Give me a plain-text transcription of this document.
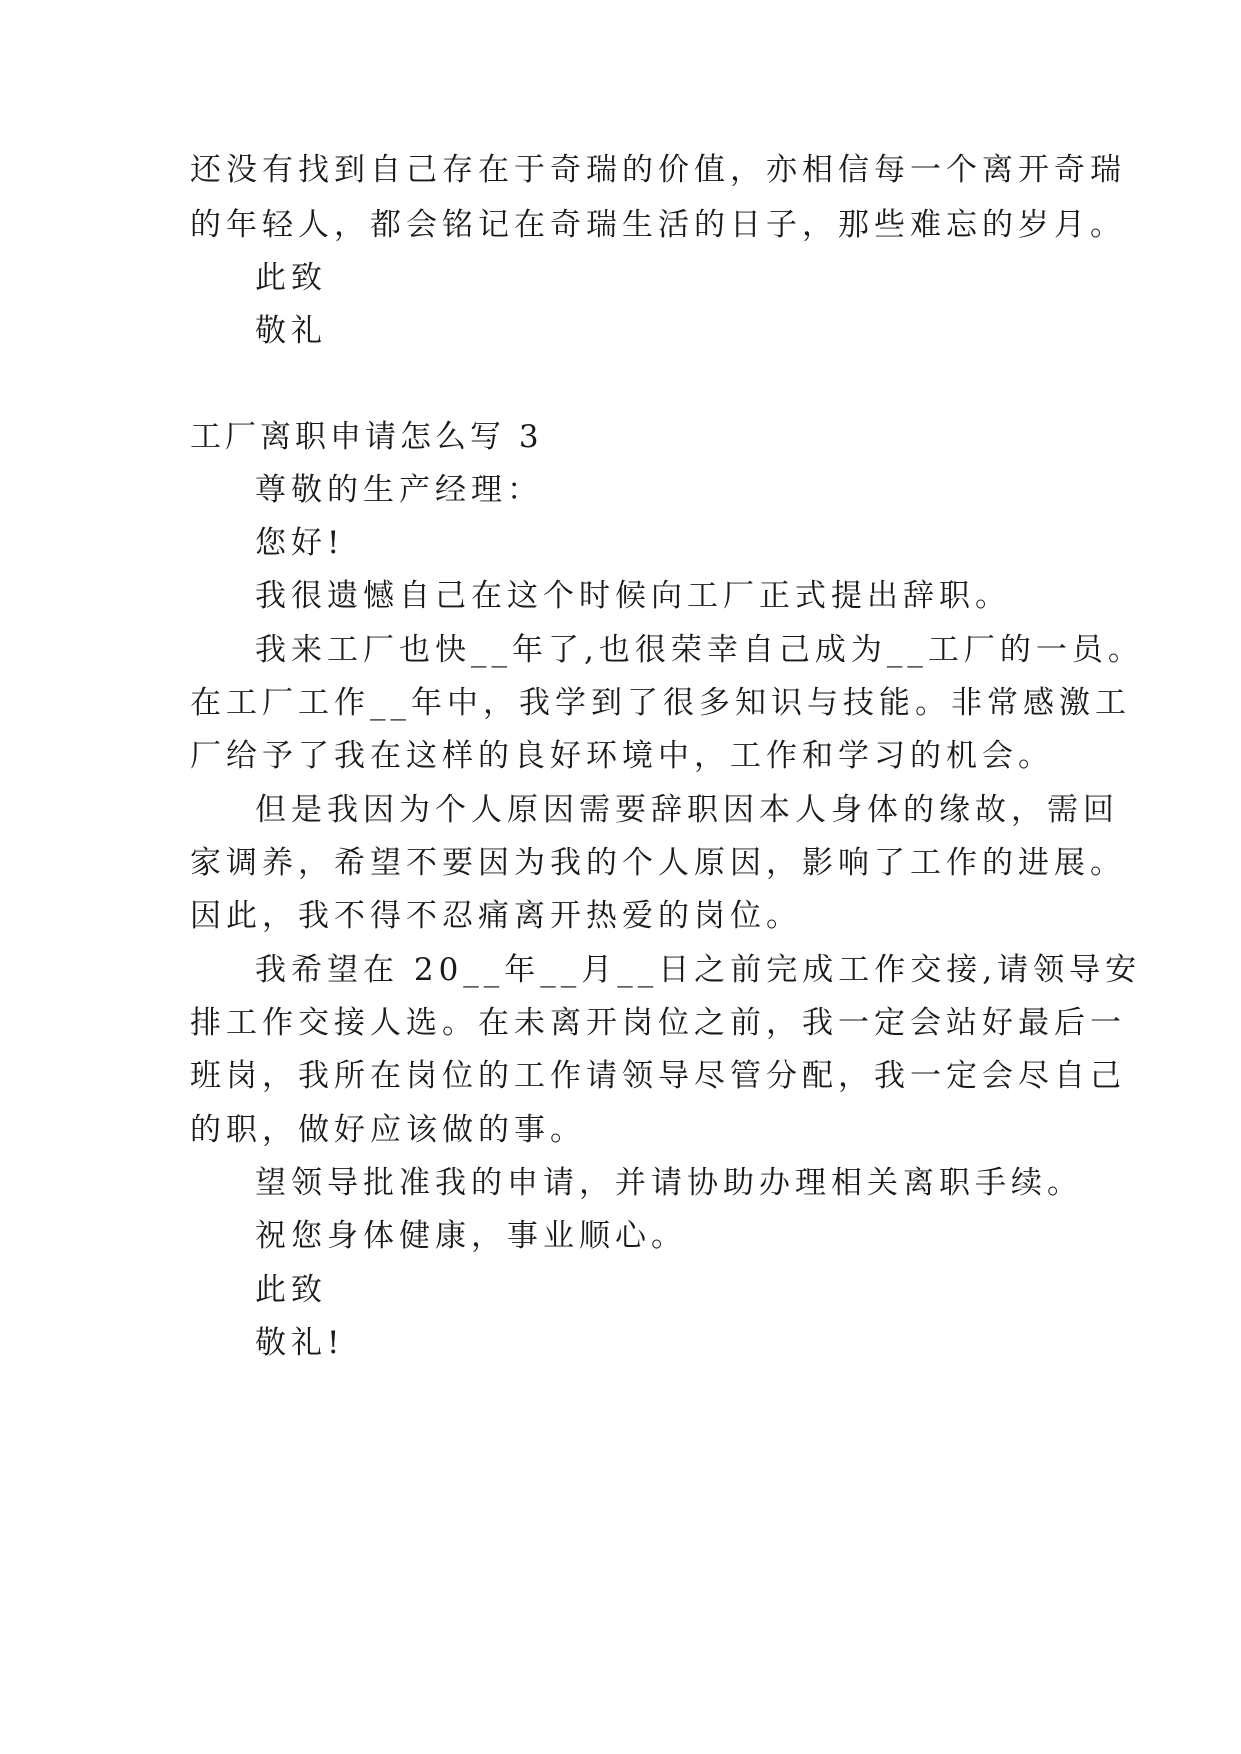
还没有找到自己存在于奇瑞的价值，亦相信每一个离开奇瑞
的年轻人，都会铭记在奇瑞生活的日子，那些难忘的岁月。
此致
敬礼
工厂离职申请怎么写 3
尊敬的生产经理：
您好!
我很遗憾自己在这个时候向工厂正式提出辞职。
我来工厂也快__年了,也很荣幸自己成为__工厂的一员。
在工厂工作__年中，我学到了很多知识与技能。非常感激工
厂给予了我在这样的良好环境中，工作和学习的机会。
但是我因为个人原因需要辞职因本人身体的缘故，需回
家调养，希望不要因为我的个人原因，影响了工作的进展。
因此，我不得不忍痛离开热爱的岗位。
我希望在 20__年__月__日之前完成工作交接,请领导安
排工作交接人选。在未离开岗位之前，我一定会站好最后一
班岗，我所在岗位的工作请领导尽管分配，我一定会尽自己
的职，做好应该做的事。
望领导批准我的申请，并请协助办理相关离职手续。
祝您身体健康，事业顺心。
此致
敬礼!
